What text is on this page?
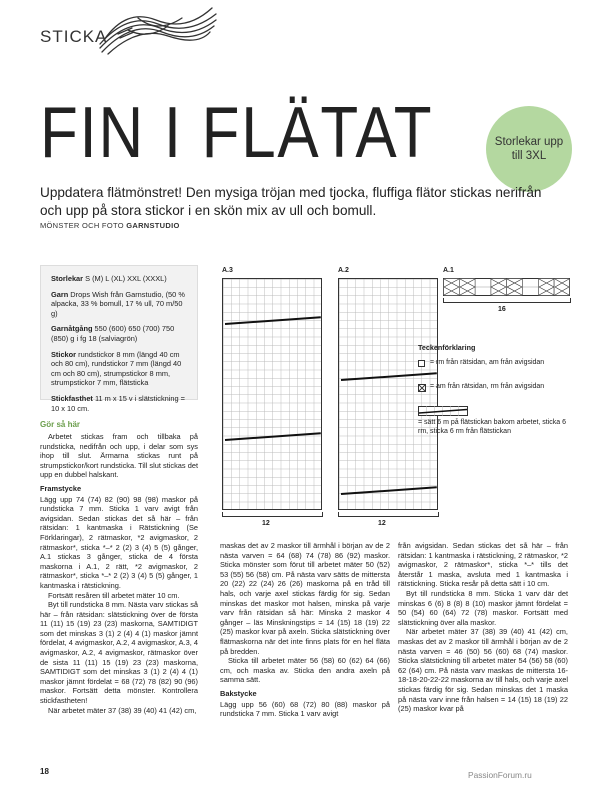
STICKA
FIN I FLÄTAT	Storlekar upp till 3XL
Uppdatera flätmönstret! Den mysiga tröjan med tjocka, fluffiga flätor stickas nerifrån och upp på stora stickor i en skön mix av ull och bomull.
MÖNSTER OCH FOTO GARNSTUDIO

Storlekar S (M) L (XL) XXL (XXXL)

Garn Drops Wish från Garnstudio, (50 % alpacka, 33 % bomull, 17 % ull, 70 m/50 g)

Garnåtgång 550 (600) 650 (700) 750 (850) g i fg 18 (salviagrön)

Stickor rundstickor 8 mm (längd 40 cm och 80 cm), rundstickor 7 mm (längd 40 cm och 80 cm), strumpstickor 8 mm, strumpstickor 7 mm, flätsticka

Stickfasthet 11 m x 15 v i slätstickning = 10 x 10 cm.

Gör så här

Arbetet stickas fram och tillbaka på rundsticka, nedifrån och upp, i delar som sys ihop till slut. Ärmarna stickas runt på strumpstickor/kort rundsticka. Till slut stickas det upp en dubbel halskant.

Framstycke

Lägg upp 74 (74) 82 (90) 98 (98) maskor på rundsticka 7 mm. Sticka 1 varv avigt från avigsidan. Sedan stickas det så här – från rätsidan: 1 kantmaska i Rätstickning (Se Förklaringar), 2 rätmaskor, *2 avigmaskor, 2 rätmaskor*, sticka *–* 2 (2) 3 (4) 5 (5) gånger, A.1 stickas 3 gånger, sticka de 4 första maskorna i A.1, 2 rätt, *2 avigmaskor, 2 rätmaskor*, sticka *–* 2 (2) 3 (4) 5 (5) gånger, 1 kantmaska i rätstickning.

Fortsätt resåren till arbetet mäter 10 cm.

Byt till rundsticka 8 mm. Nästa varv stickas så här – från rätsidan: slätstickning över de första 11 (11) 15 (19) 23 (23) maskorna, SAMTIDIGT som det minskas 3 (1) 2 (4) 4 (1) maskor jämnt fördelat, 4 avigmaskor, A.2, 4 avigmaskor, A.3, 4 avigmaskor, A.2, 4 avigmaskor, rätmaskor över de sista 11 (11) 15 (19) 23 (23) maskorna, SAMTIDIGT som det minskas 3 (1) 2 (4) 4 (1) maskor jämnt fördelat = 68 (72) 78 (82) 90 (96) maskor. Fortsätt detta mönster. Kontrollera stickfastheten!

När arbetet mäter 37 (38) 39 (40) 41 (42) cm,

A.3
12
A.2
12
A.1
16
Teckenförklaring
= rm från rätsidan, am från avigsidan
= am från rätsidan, rm från avigsidan
= sätt 6 m på flätstickan bakom arbetet, sticka 6 rm, sticka 6 rm från flätstickan

maskas det av 2 maskor till ärmhål i början av de 2 nästa varven = 64 (68) 74 (78) 86 (92) maskor. Sticka mönster som förut till arbetet mäter 50 (52) 53 (55) 56 (58) cm. På nästa varv sätts de mittersta 20 (22) 22 (24) 26 (26) maskorna på en tråd till hals, och varje axel stickas färdig för sig. Sedan minskas det maskor mot halsen, minska på varje varv från rätsidan så här: Minska 2 maskor 4 gånger – läs Minskningstips = 14 (15) 18 (19) 22 (25) maskor kvar på axeln. Sticka slätstickning över flätmaskorna när det inte finns plats för en hel fläta på bredden.

Sticka till arbetet mäter 56 (58) 60 (62) 64 (66) cm, och maska av. Sticka den andra axeln på samma sätt.

Bakstycke

Lägg upp 56 (60) 68 (72) 80 (88) maskor på rundsticka 7 mm. Sticka 1 varv avigt

från avigsidan. Sedan stickas det så här – från rätsidan: 1 kantmaska i rätstickning, 2 rätmaskor, *2 avigmaskor, 2 rätmaskor*, sticka *–* tills det återstår 1 maska, avsluta med 1 kantmaska i rätstickning. Sticka resår på detta sätt i 10 cm.

Byt till rundsticka 8 mm. Sticka 1 varv där det minskas 6 (6) 8 (8) 8 (10) maskor jämnt fördelat = 50 (54) 60 (64) 72 (78) maskor. Fortsätt med slätstickning över alla maskor.

När arbetet mäter 37 (38) 39 (40) 41 (42) cm, maskas det av 2 maskor till ärmhål i början av de 2 nästa varven = 46 (50) 56 (60) 68 (74) maskor. Sticka slätstickning till arbetet mäter 54 (56) 58 (60) 62 (64) cm. På nästa varv maskas de mittersta 16-18-18-20-22-22 maskorna av till hals, och varje axel stickas färdig för sig. Sedan minskas det 1 maska på nästa varv inne från halsen = 14 (15) 18 (19) 22 (25) maskor kvar på

18	PassionForum.ru
